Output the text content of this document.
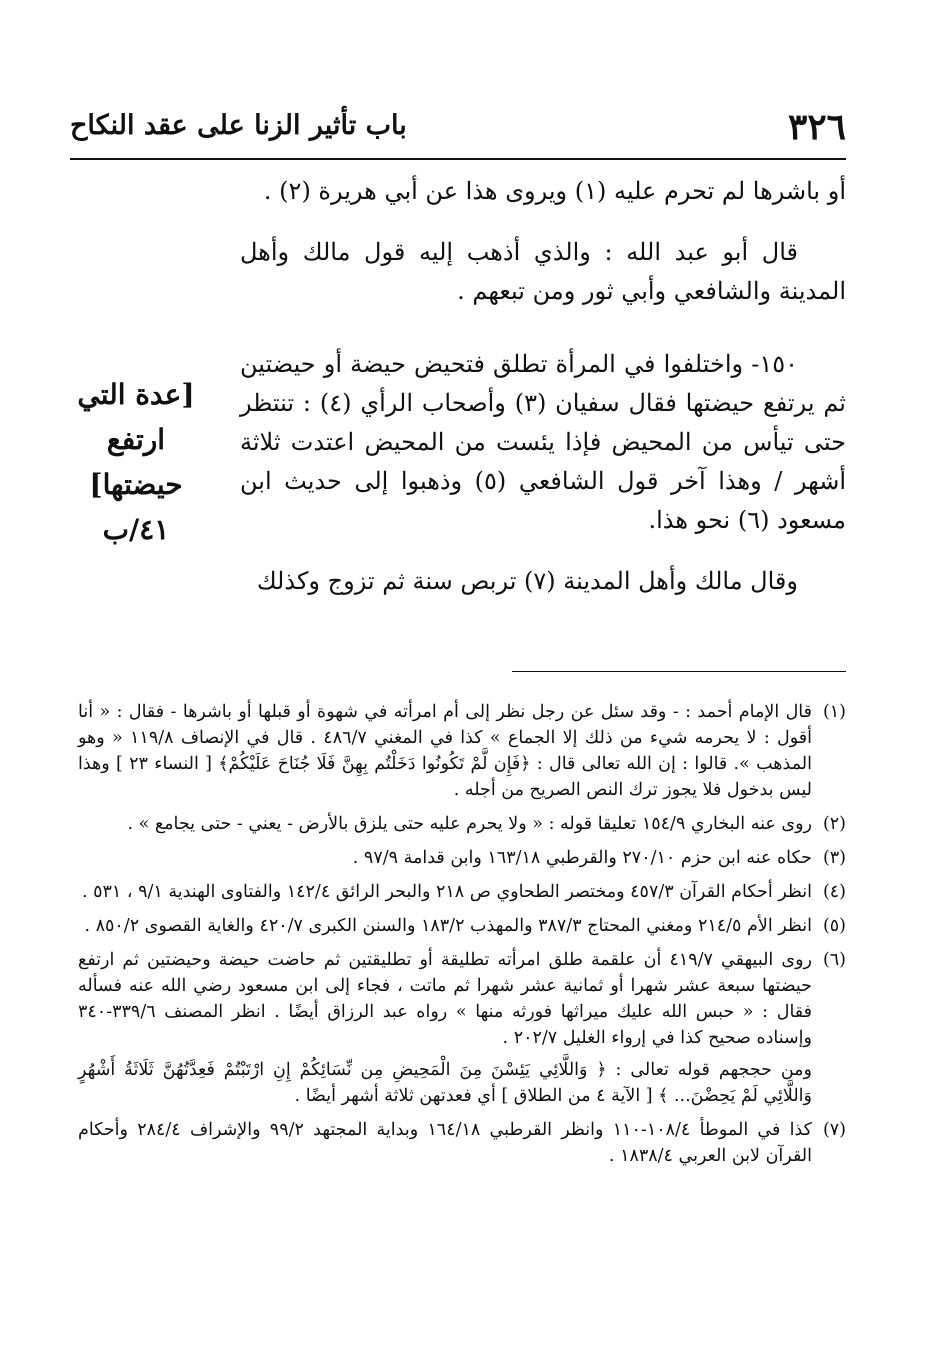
٣٢٦
باب تأثير الزنا على عقد النكاح

أو باشرها لم تحرم عليه (١) ويروى هذا عن أبي هريرة (٢) .

قال أبو عبد الله : والذي أذهب إليه قول مالك وأهل المدينة والشافعي وأبي ثور ومن تبعهم .

١٥٠- واختلفوا في المرأة تطلق فتحيض حيضة أو حيضتين ثم يرتفع حيضتها فقال سفيان (٣) وأصحاب الرأي (٤) : تنتظر حتى تيأس من المحيض فإذا يئست من المحيض اعتدت ثلاثة أشهر / وهذا آخر قول الشافعي (٥) وذهبوا إلى حديث ابن مسعود (٦) نحو هذا.

وقال مالك وأهل المدينة (٧) تربص سنة ثم تزوج وكذلك

[عدة التي
ارتفع
حيضتها]
٤١/ب
(١)

قال الإمام أحمد : - وقد سئل عن رجل نظر إلى أم امرأته في شهوة أو قبلها أو باشرها - فقال : « أنا أقول : لا يحرمه شيء من ذلك إلا الجماع » كذا في المغني ٤٨٦/٧ . قال في الإنصاف ١١٩/٨ « وهو المذهب ». قالوا : إن الله تعالى قال : ﴿فَإِن لَّمْ تَكُونُوا دَخَلْتُم بِهِنَّ فَلَا جُنَاحَ عَلَيْكُمْ﴾ [ النساء ٢٣ ] وهذا ليس بدخول فلا يجوز ترك النص الصريح من أجله .

(٢)

روى عنه البخاري ١٥٤/٩ تعليقا قوله : « ولا يحرم عليه حتى يلزق بالأرض - يعني - حتى يجامع » .

(٣)

حكاه عنه ابن حزم ٢٧٠/١٠ والقرطبي ١٦٣/١٨ وابن قدامة ٩٧/٩ .

(٤)

انظر أحكام القرآن ٤٥٧/٣ ومختصر الطحاوي ص ٢١٨ والبحر الرائق ١٤٢/٤ والفتاوى الهندية ٩/١ ، ٥٣١ .

(٥)

انظر الأم ٢١٤/٥ ومغني المحتاج ٣٨٧/٣ والمهذب ١٨٣/٢ والسنن الكبرى ٤٢٠/٧ والغاية القصوى ٨٥٠/٢ .

(٦)

روى البيهقي ٤١٩/٧ أن علقمة طلق امرأته تطليقة أو تطليقتين ثم حاضت حيضة وحيضتين ثم ارتفع حيضتها سبعة عشر شهرا أو ثمانية عشر شهرا ثم ماتت ، فجاء إلى ابن مسعود رضي الله عنه فسأله فقال : « حبس الله عليك ميراثها فورثه منها » رواه عبد الرزاق أيضًا . انظر المصنف ٣٣٩/٦-٣٤٠ وإسناده صحيح كذا في إرواء الغليل ٢٠٢/٧ .

ومن حججهم قوله تعالى : ﴿ وَاللَّائِي يَئِسْنَ مِنَ الْمَحِيضِ مِن نِّسَائِكُمْ إِنِ ارْتَبْتُمْ فَعِدَّتُهُنَّ ثَلَاثَةُ أَشْهُرٍ وَاللَّائِي لَمْ يَحِضْنَ... ﴾ [ الآية ٤ من الطلاق ] أي فعدتهن ثلاثة أشهر أيضًا .

(٧)

كذا في الموطأ ١٠٨/٤-١١٠ وانظر القرطبي ١٦٤/١٨ وبداية المجتهد ٩٩/٢ والإشراف ٢٨٤/٤ وأحكام القرآن لابن العربي ١٨٣٨/٤ .
